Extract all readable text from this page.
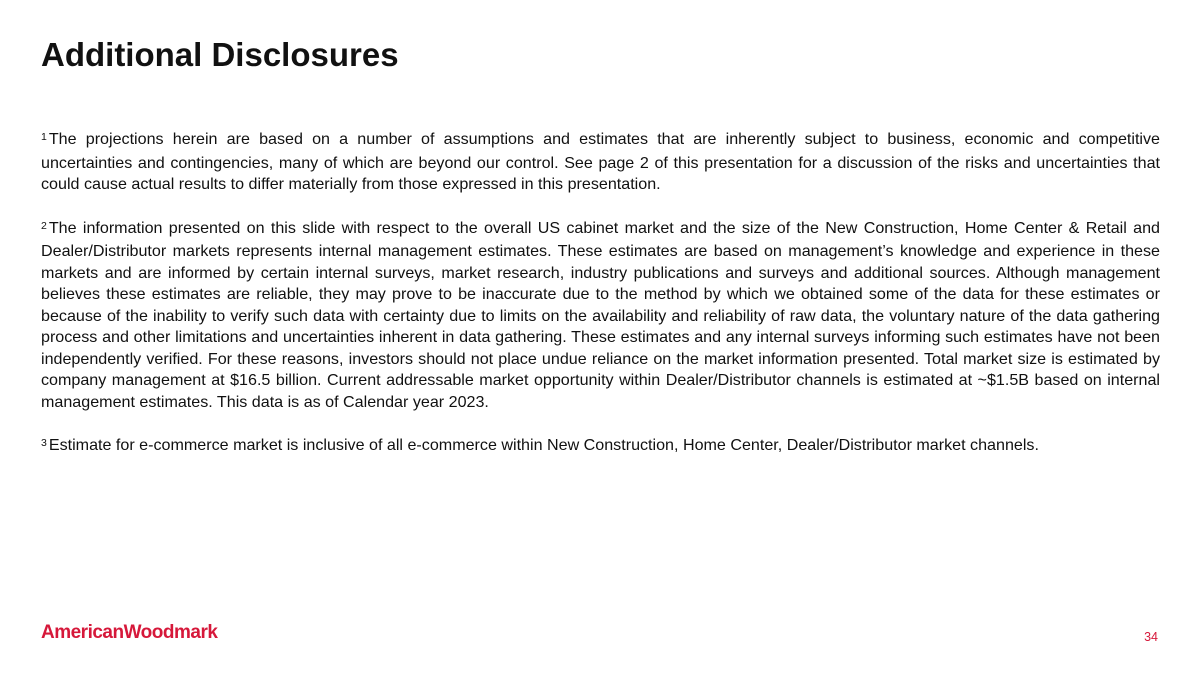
Additional Disclosures

$^1$ The projections herein are based on a number of assumptions and estimates that are inherently subject to business, economic and competitive uncertainties and contingencies, many of which are beyond our control. See page 2 of this presentation for a discussion of the risks and uncertainties that could cause actual results to differ materially from those expressed in this presentation.

$^2$ The information presented on this slide with respect to the overall US cabinet market and the size of the New Construction, Home Center & Retail and Dealer/Distributor markets represents internal management estimates. These estimates are based on management’s knowledge and experience in these markets and are informed by certain internal surveys, market research, industry publications and surveys and additional sources. Although management believes these estimates are reliable, they may prove to be inaccurate due to the method by which we obtained some of the data for these estimates or because of the inability to verify such data with certainty due to limits on the availability and reliability of raw data, the voluntary nature of the data gathering process and other limitations and uncertainties inherent in data gathering. These estimates and any internal surveys informing such estimates have not been independently verified. For these reasons, investors should not place undue reliance on the market information presented. Total market size is estimated by company management at $16.5 billion. Current addressable market opportunity within Dealer/Distributor channels is estimated at ~$1.5B based on internal management estimates. This data is as of Calendar year 2023.

$^3$ Estimate for e-commerce market is inclusive of all e-commerce within New Construction, Home Center, Dealer/Distributor market channels.

AmericanWoodmark	34
